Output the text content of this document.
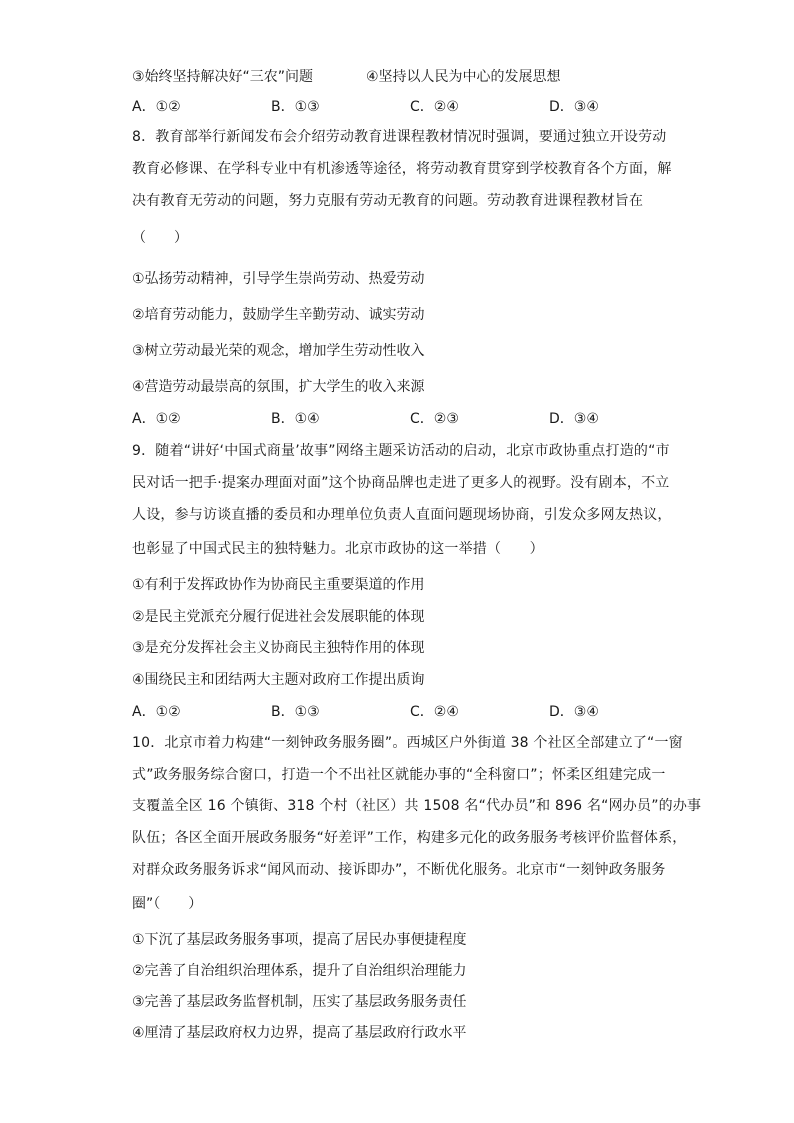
③始终坚持解决好“三农”问题	④坚持以人民为中心的发展思想
A．①②	B．①③	C．②④	D．③④
8．教育部举行新闻发布会介绍劳动教育进课程教材情况时强调，要通过独立开设劳动
教育必修课、在学科专业中有机渗透等途径，将劳动教育贯穿到学校教育各个方面，解
决有教育无劳动的问题，努力克服有劳动无教育的问题。劳动教育进课程教材旨在
（　　）
①弘扬劳动精神，引导学生崇尚劳动、热爱劳动
②培育劳动能力，鼓励学生辛勤劳动、诚实劳动
③树立劳动最光荣的观念，增加学生劳动性收入
④营造劳动最崇高的氛围，扩大学生的收入来源
A．①②	B．①④	C．②③	D．③④
9．随着“讲好‘中国式商量’故事”网络主题采访活动的启动，北京市政协重点打造的“市
民对话一把手·提案办理面对面”这个协商品牌也走进了更多人的视野。没有剧本，不立
人设，参与访谈直播的委员和办理单位负责人直面问题现场协商，引发众多网友热议，
也彰显了中国式民主的独特魅力。北京市政协的这一举措（　　）
①有利于发挥政协作为协商民主重要渠道的作用
②是民主党派充分履行促进社会发展职能的体现
③是充分发挥社会主义协商民主独特作用的体现
④围绕民主和团结两大主题对政府工作提出质询
A．①②	B．①③	C．②④	D．③④
10．北京市着力构建“一刻钟政务服务圈”。西城区户外街道 38 个社区全部建立了“一窗
式”政务服务综合窗口，打造一个不出社区就能办事的“全科窗口”；怀柔区组建完成一
支覆盖全区 16 个镇街、318 个村（社区）共 1508 名“代办员”和 896 名“网办员”的办事
队伍；各区全面开展政务服务“好差评”工作，构建多元化的政务服务考核评价监督体系，
对群众政务服务诉求“闻风而动、接诉即办”，不断优化服务。北京市“一刻钟政务服务
圈”（　　）
①下沉了基层政务服务事项，提高了居民办事便捷程度
②完善了自治组织治理体系，提升了自治组织治理能力
③完善了基层政务监督机制，压实了基层政务服务责任
④厘清了基层政府权力边界，提高了基层政府行政水平
